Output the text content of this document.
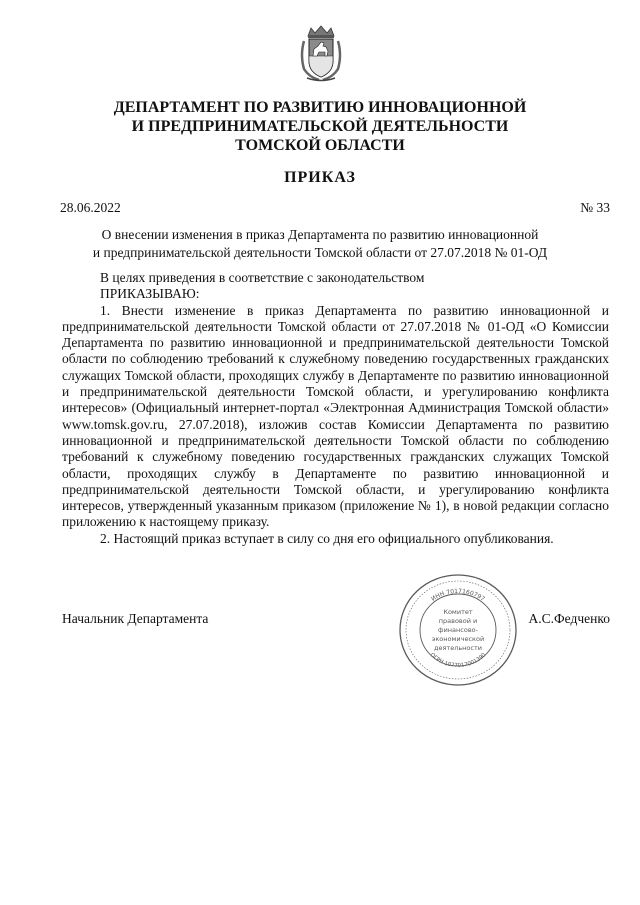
ДЕПАРТАМЕНТ ПО РАЗВИТИЮ ИННОВАЦИОННОЙ
И ПРЕДПРИНИМАТЕЛЬСКОЙ ДЕЯТЕЛЬНОСТИ
ТОМСКОЙ ОБЛАСТИ
ПРИКАЗ
28.06.2022	№ 33
О внесении изменения в приказ Департамента по развитию инновационной
и предпринимательской деятельности Томской области от 27.07.2018 № 01-ОД
В целях приведения в соответствие с законодательством
ПРИКАЗЫВАЮ:

1. Внести изменение в приказ Департамента по развитию инновационной и предпринимательской деятельности Томской области от 27.07.2018 № 01-ОД «О Комиссии Департамента по развитию инновационной и предпринимательской деятельности Томской области по соблюдению требований к служебному поведению государственных гражданских служащих Томской области, проходящих службу в Департаменте по развитию инновационной и предпринимательской деятельности Томской области, и урегулированию конфликта интересов» (Официальный интернет-портал «Электронная Администрация Томской области» www.tomsk.gov.ru, 27.07.2018), изложив состав Комиссии Департамента по развитию инновационной и предпринимательской деятельности Томской области по соблюдению требований к служебному поведению государственных гражданских служащих Томской области, проходящих службу в Департаменте по развитию инновационной и предпринимательской деятельности Томской области, и урегулированию конфликта интересов, утвержденный указанным приказом (приложение № 1), в новой редакции согласно приложению к настоящему приказу.

2. Настоящий приказ вступает в силу со дня его официального опубликования.

Начальник Департамента	А.С.Федченко
ИНН 7017160797
ОГРН 1077017001390
Комитет
правовой и
финансово-
экономической
деятельности
